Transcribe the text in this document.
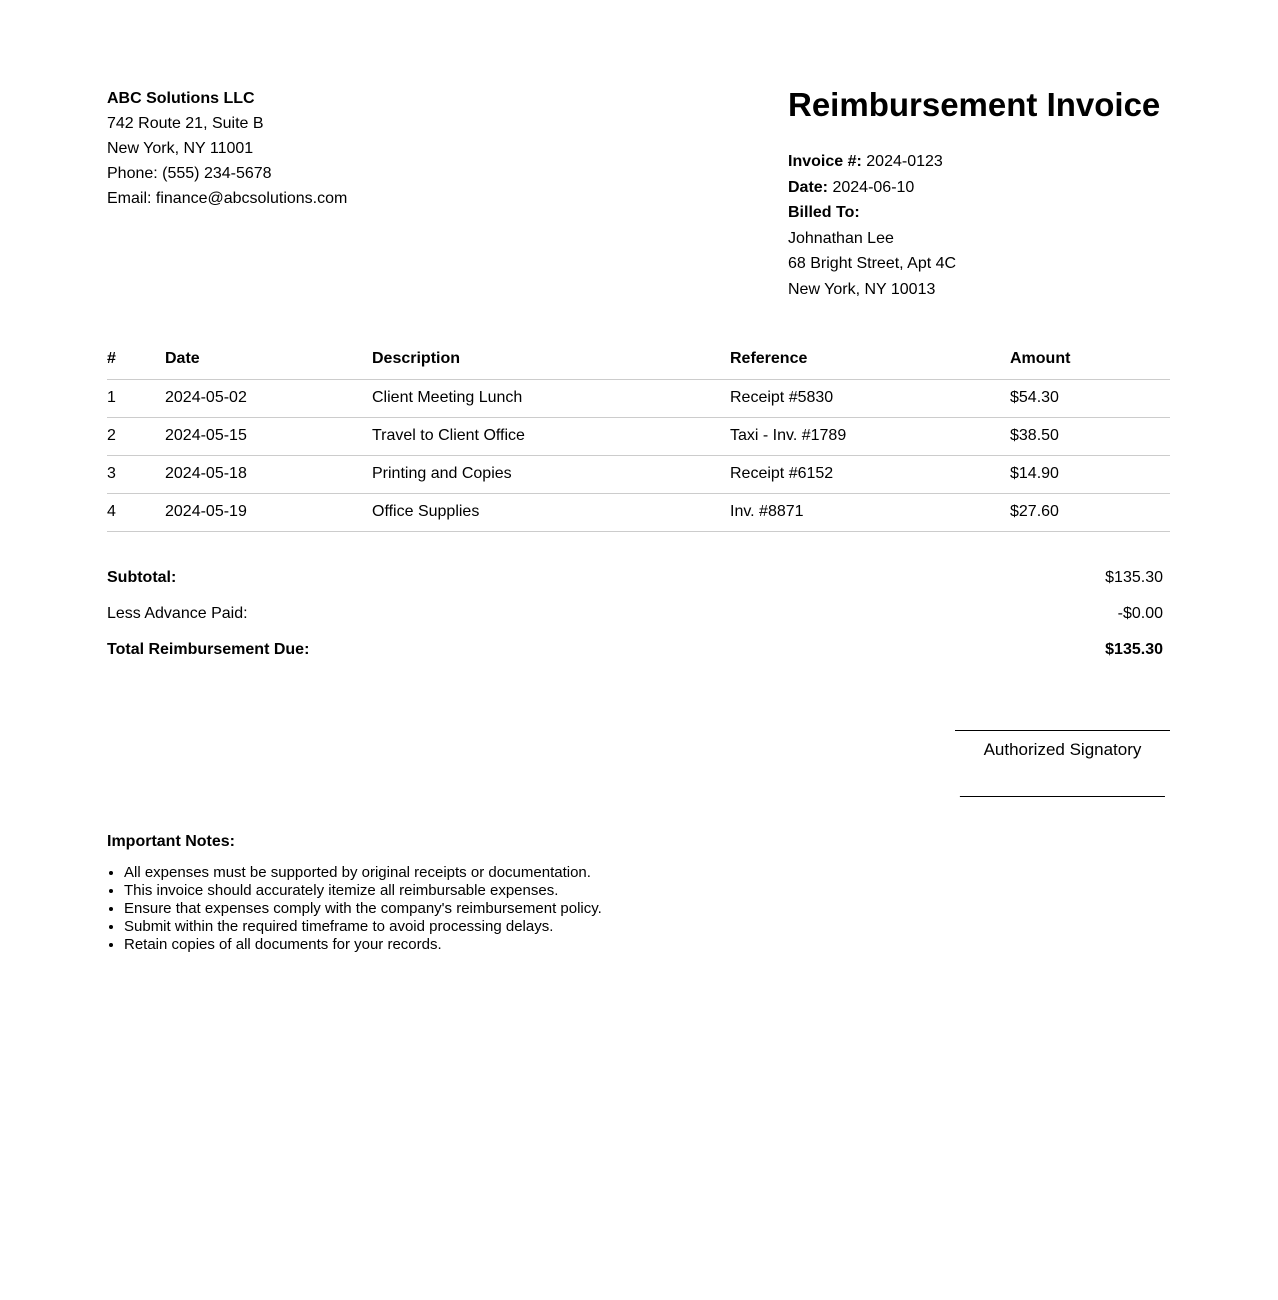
ABC Solutions LLC
742 Route 21, Suite B
New York, NY 11001
Phone: (555) 234-5678
Email: finance@abcsolutions.com
Reimbursement Invoice
Invoice #: 2024-0123
Date: 2024-06-10
Billed To:
Johnathan Lee
68 Bright Street, Apt 4C
New York, NY 10013
#	Date	Description	Reference	Amount
1	2024-05-02	Client Meeting Lunch	Receipt #5830	$54.30
2	2024-05-15	Travel to Client Office	Taxi - Inv. #1789	$38.50
3	2024-05-18	Printing and Copies	Receipt #6152	$14.90
4	2024-05-19	Office Supplies	Inv. #8871	$27.60
Subtotal:	$135.30
Less Advance Paid:	-$0.00
Total Reimbursement Due:	$135.30
Authorized Signatory
_______________________
Important Notes:
• All expenses must be supported by original receipts or documentation.
• This invoice should accurately itemize all reimbursable expenses.
• Ensure that expenses comply with the company's reimbursement policy.
• Submit within the required timeframe to avoid processing delays.
• Retain copies of all documents for your records.
